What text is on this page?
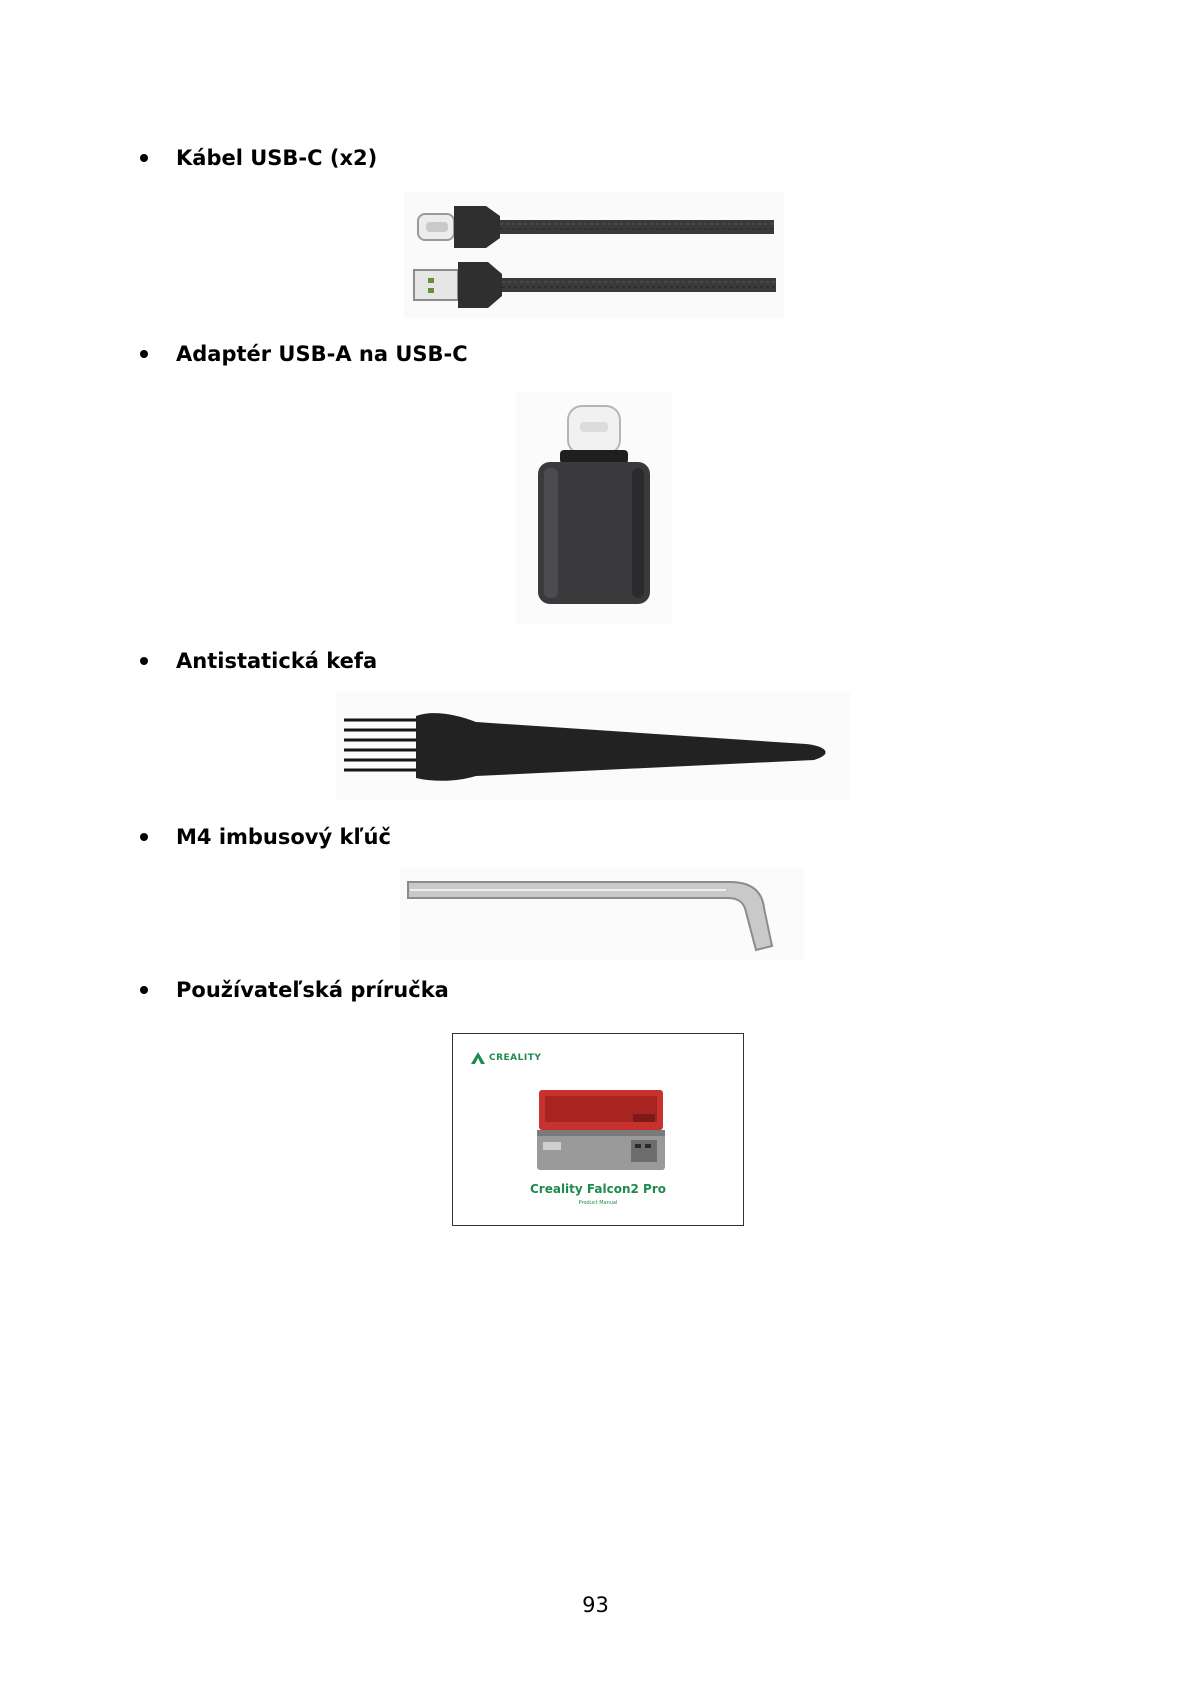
Kábel USB-C (x2)
Adaptér USB-A na USB-C
Antistatická kefa
M4 imbusový kľúč
Používateľská príručka
CREALITY
Creality Falcon2 Pro
Product Manual
93
